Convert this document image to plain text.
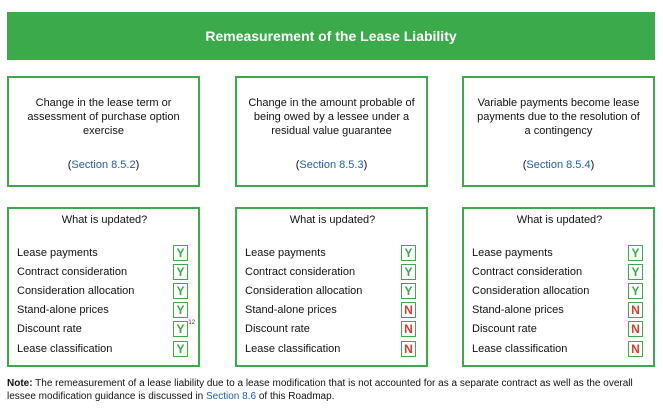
Remeasurement of the Lease Liability
Change in the lease term or assessment of purchase option exercise
(Section 8.5.2)
What is updated?
Lease payments	Y
Contract consideration	Y
Consideration allocation	Y
Stand-alone prices	Y
Discount rate	Y 12
Lease classification	Y
Change in the amount probable of being owed by a lessee under a residual value guarantee
(Section 8.5.3)
What is updated?
Lease payments	Y
Contract consideration	Y
Consideration allocation	Y
Stand-alone prices	N
Discount rate	N
Lease classification	N
Variable payments become lease payments due to the resolution of a contingency
(Section 8.5.4)
What is updated?
Lease payments	Y
Contract consideration	Y
Consideration allocation	Y
Stand-alone prices	N
Discount rate	N
Lease classification	N
Note: The remeasurement of a lease liability due to a lease modification that is not accounted for as a separate contract as well as the overall lessee modification guidance is discussed in Section 8.6 of this Roadmap.
